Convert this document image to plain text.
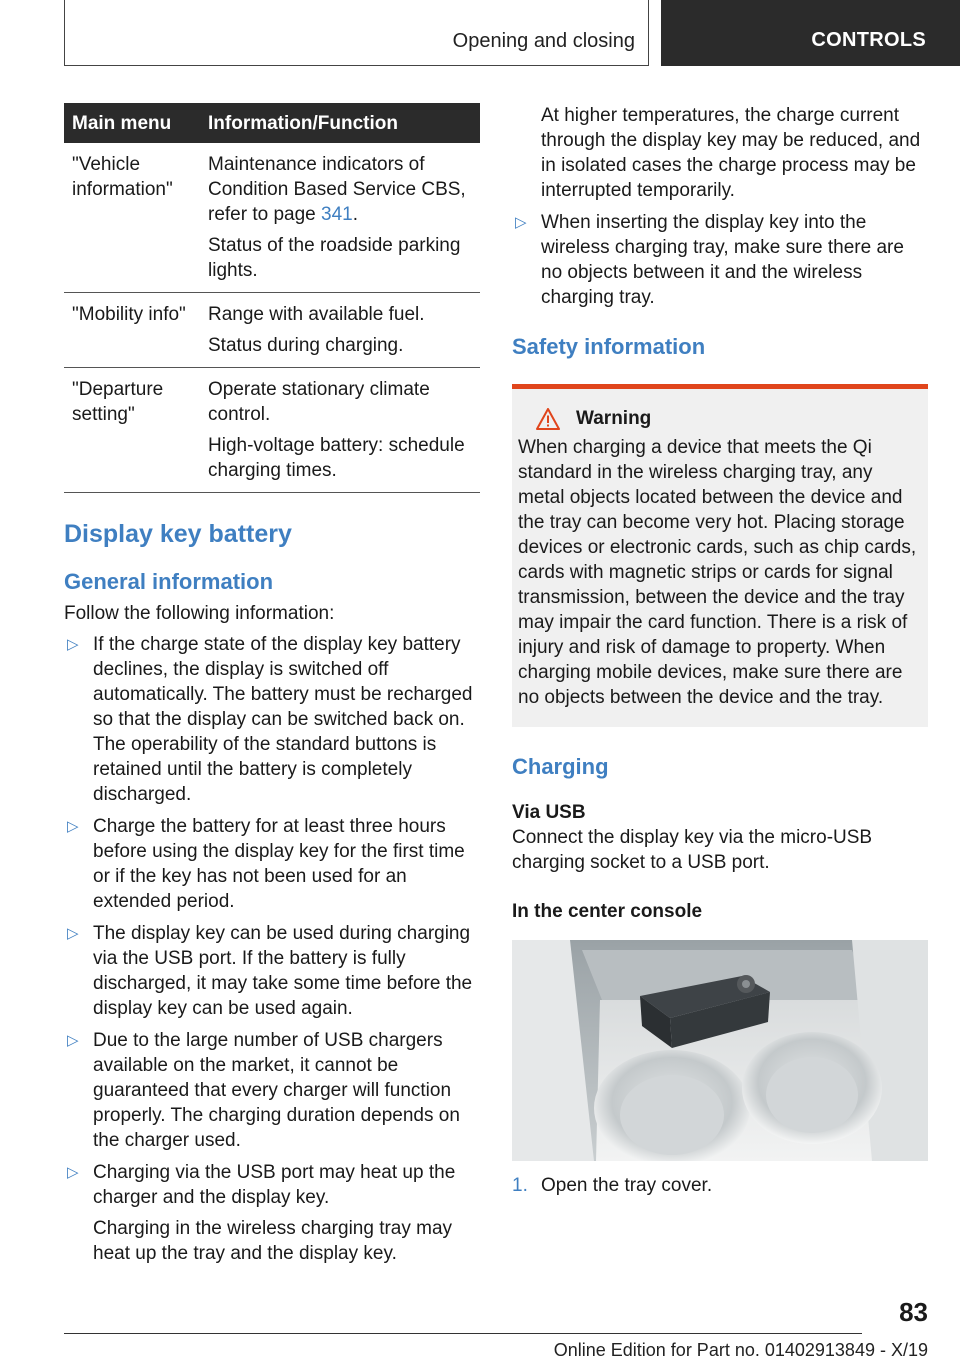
Opening and closing	CONTROLS
Main menu	Information/Function
"Vehicle information"	Maintenance indicators of Condition Based Service CBS, refer to page 341.

Status of the roadside parking lights.

"Mobility info"	Range with available fuel.

Status during charging.

"Departure setting"	Operate stationary climate control.

High-voltage battery: schedule charging times.

Display key battery
General information

Follow the following information:

▷ If the charge state of the display key battery declines, the display is switched off automatically. The battery must be recharged so that the display can be switched back on. The operability of the standard buttons is retained until the battery is completely discharged.

▷ Charge the battery for at least three hours before using the display key for the first time or if the key has not been used for an extended period.

▷ The display key can be used during charging via the USB port. If the battery is fully discharged, it may take some time before the display key can be used again.

▷ Due to the large number of USB chargers available on the market, it cannot be guaranteed that every charger will function properly. The charging duration depends on the charger used.

▷ Charging via the USB port may heat up the charger and the display key.

Charging in the wireless charging tray may heat up the tray and the display key.

At higher temperatures, the charge current through the display key may be reduced, and in isolated cases the charge process may be interrupted temporarily.

▷ When inserting the display key into the wireless charging tray, make sure there are no objects between it and the wireless charging tray.

Safety information
Warning

When charging a device that meets the Qi standard in the wireless charging tray, any metal objects located between the device and the tray can become very hot. Placing storage devices or electronic cards, such as chip cards, cards with magnetic strips or cards for signal transmission, between the device and the tray may impair the card function. There is a risk of injury and risk of damage to property. When charging mobile devices, make sure there are no objects between the device and the tray.

Charging
Via USB

Connect the display key via the micro-USB charging socket to a USB port.

In the center console
1. Open the tray cover.
83
Online Edition for Part no. 01402913849 - X/19
